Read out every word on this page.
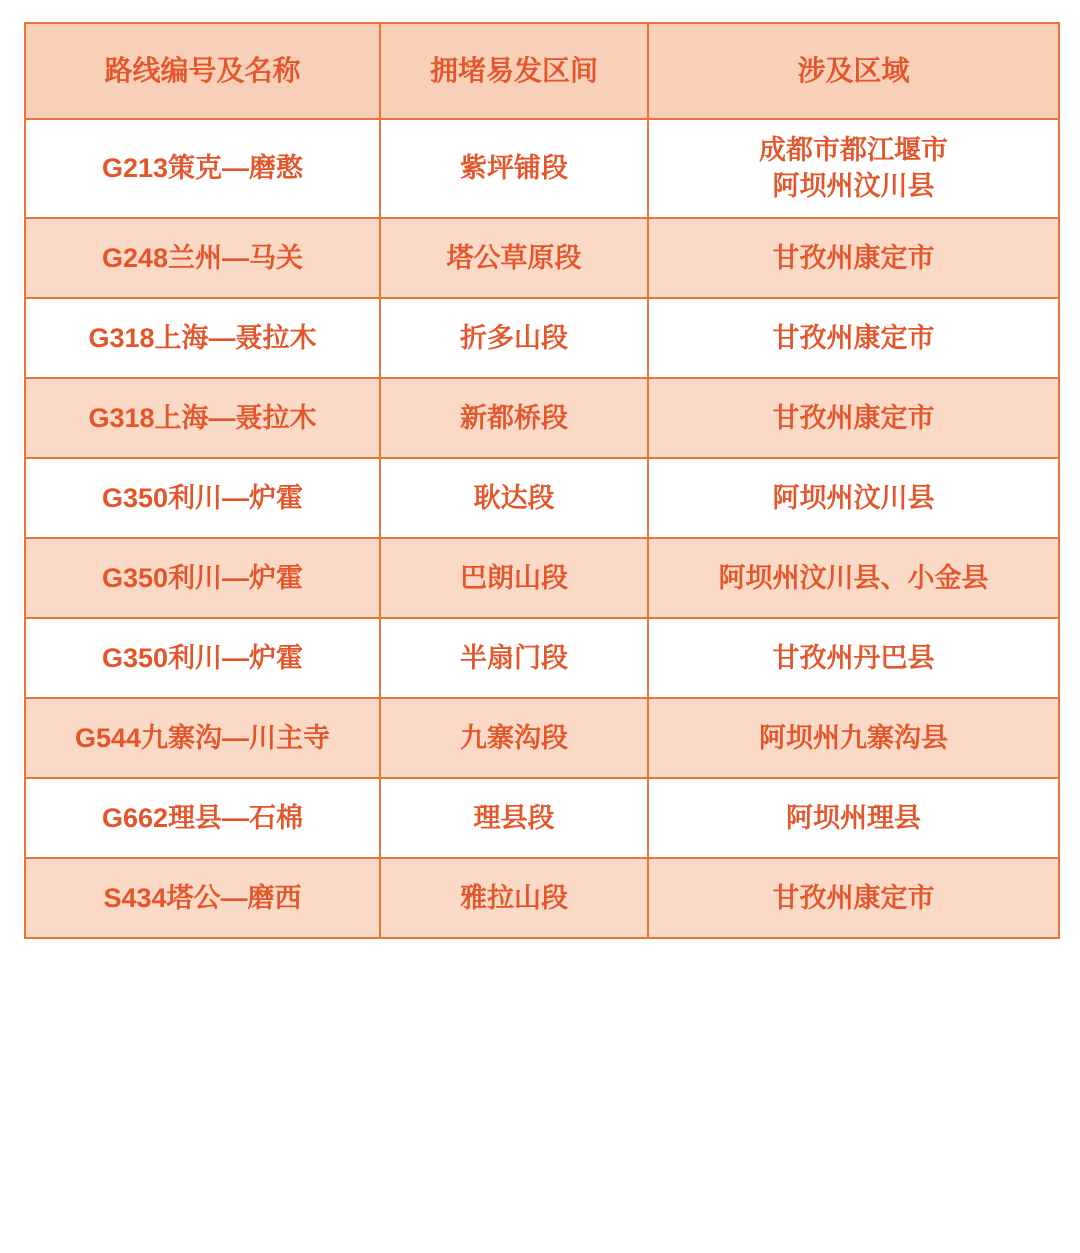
路线编号及名称	拥堵易发区间	涉及区域
G213策克—磨憨	紫坪铺段	成都市都江堰市
阿坝州汶川县

G248兰州—马关	塔公草原段	甘孜州康定市

G318上海—聂拉木	折多山段	甘孜州康定市

G318上海—聂拉木	新都桥段	甘孜州康定市

G350利川—炉霍	耿达段	阿坝州汶川县

G350利川—炉霍	巴朗山段	阿坝州汶川县、小金县

G350利川—炉霍	半扇门段	甘孜州丹巴县

G544九寨沟—川主寺	九寨沟段	阿坝州九寨沟县

G662理县—石棉	理县段	阿坝州理县

S434塔公—磨西	雅拉山段	甘孜州康定市
